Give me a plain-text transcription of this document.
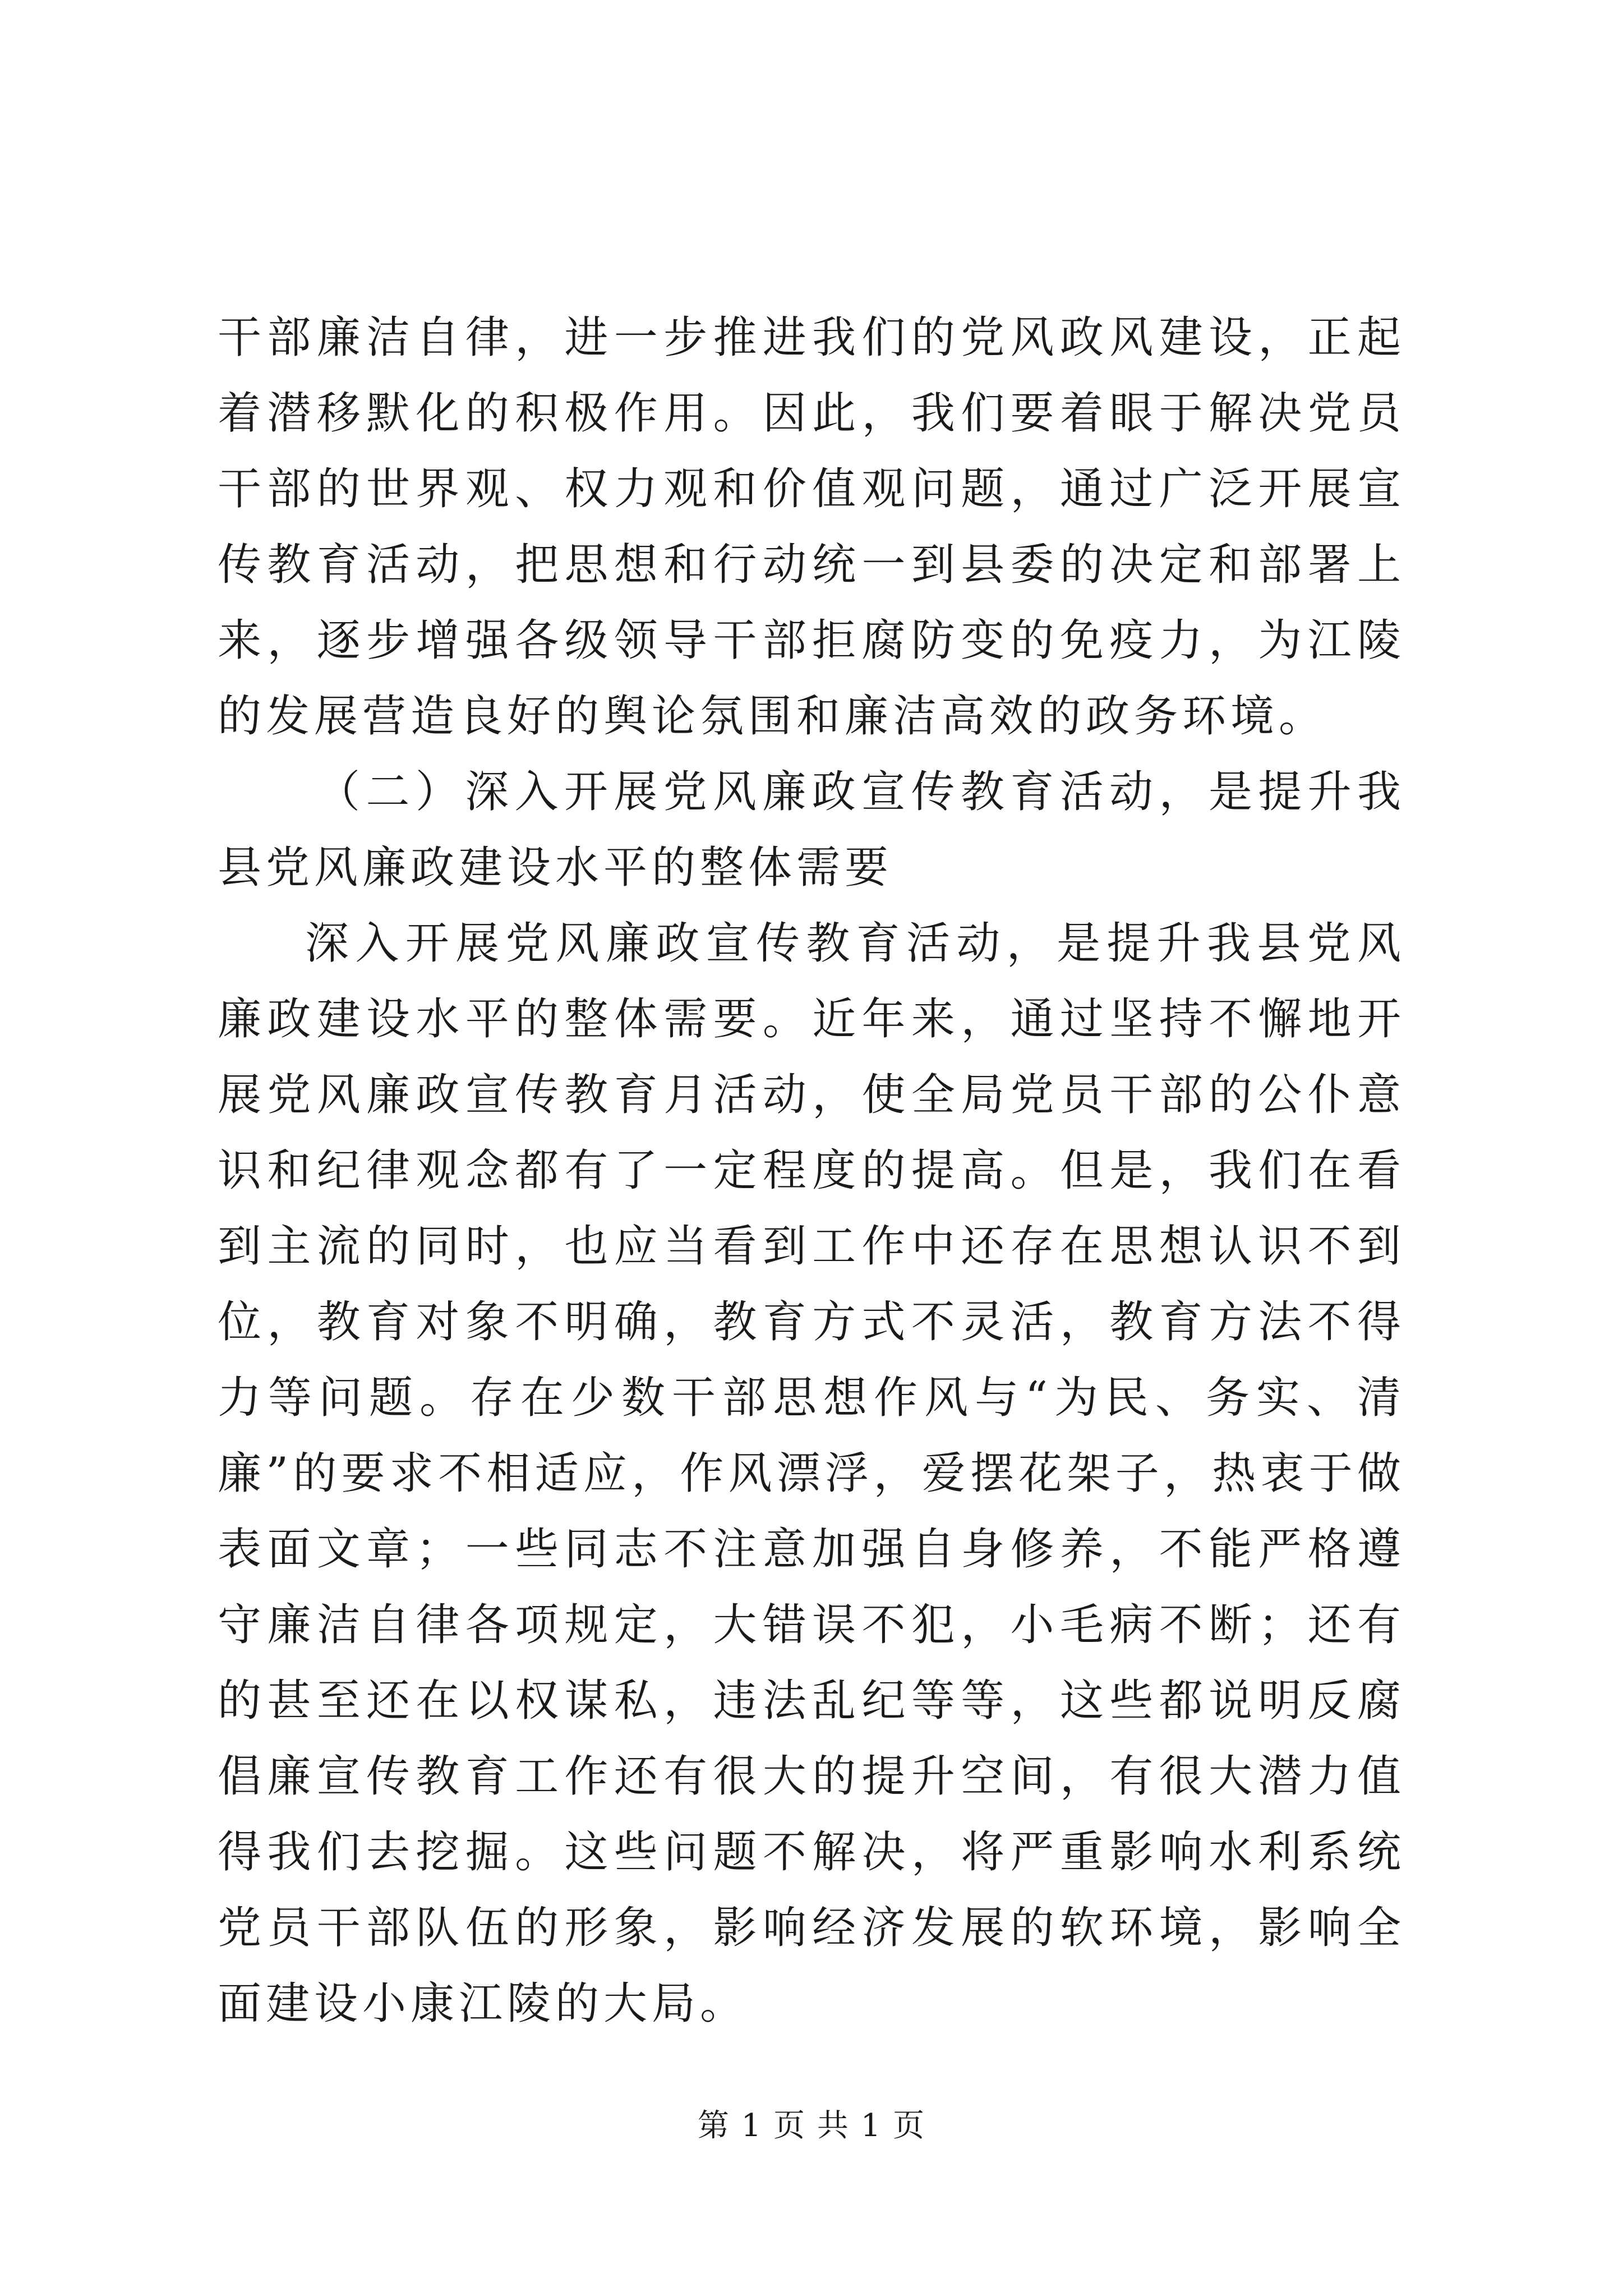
干部廉洁自律，进一步推进我们的党风政风建设，正起着潜移默化的积极作用。因此，我们要着眼于解决党员干部的世界观、权力观和价值观问题，通过广泛开展宣传教育活动，把思想和行动统一到县委的决定和部署上来，逐步增强各级领导干部拒腐防变的免疫力，为江陵的发展营造良好的舆论氛围和廉洁高效的政务环境。

（二）深入开展党风廉政宣传教育活动，是提升我县党风廉政建设水平的整体需要

深入开展党风廉政宣传教育活动，是提升我县党风廉政建设水平的整体需要。近年来，通过坚持不懈地开展党风廉政宣传教育月活动，使全局党员干部的公仆意识和纪律观念都有了一定程度的提高。但是，我们在看到主流的同时，也应当看到工作中还存在思想认识不到位，教育对象不明确，教育方式不灵活，教育方法不得力等问题。存在少数干部思想作风与“为民、务实、清廉”的要求不相适应，作风漂浮，爱摆花架子，热衷于做表面文章；一些同志不注意加强自身修养，不能严格遵守廉洁自律各项规定，大错误不犯，小毛病不断；还有的甚至还在以权谋私，违法乱纪等等，这些都说明反腐倡廉宣传教育工作还有很大的提升空间，有很大潜力值得我们去挖掘。这些问题不解决，将严重影响水利系统党员干部队伍的形象，影响经济发展的软环境，影响全面建设小康江陵的大局。

第 1 页 共 1 页
